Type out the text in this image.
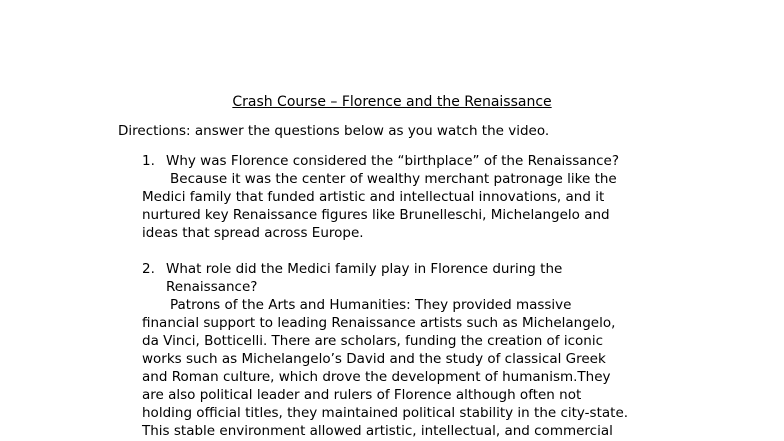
Crash Course – Florence and the Renaissance
Directions: answer the questions below as you watch the video.
1. Why was Florence considered the “birthplace” of the Renaissance?
Because it was the center of wealthy merchant patronage like the
Medici family that funded artistic and intellectual innovations, and it
nurtured key Renaissance figures like Brunelleschi, Michelangelo and
ideas that spread across Europe.
2. What role did the Medici family play in Florence during the
Renaissance?
Patrons of the Arts and Humanities: They provided massive
financial support to leading Renaissance artists such as Michelangelo,
da Vinci, Botticelli. There are scholars, funding the creation of iconic
works such as Michelangelo’s David and the study of classical Greek
and Roman culture, which drove the development of humanism.They
are also political leader and rulers of Florence although often not
holding official titles, they maintained political stability in the city-state.
This stable environment allowed artistic, intellectual, and commercial
